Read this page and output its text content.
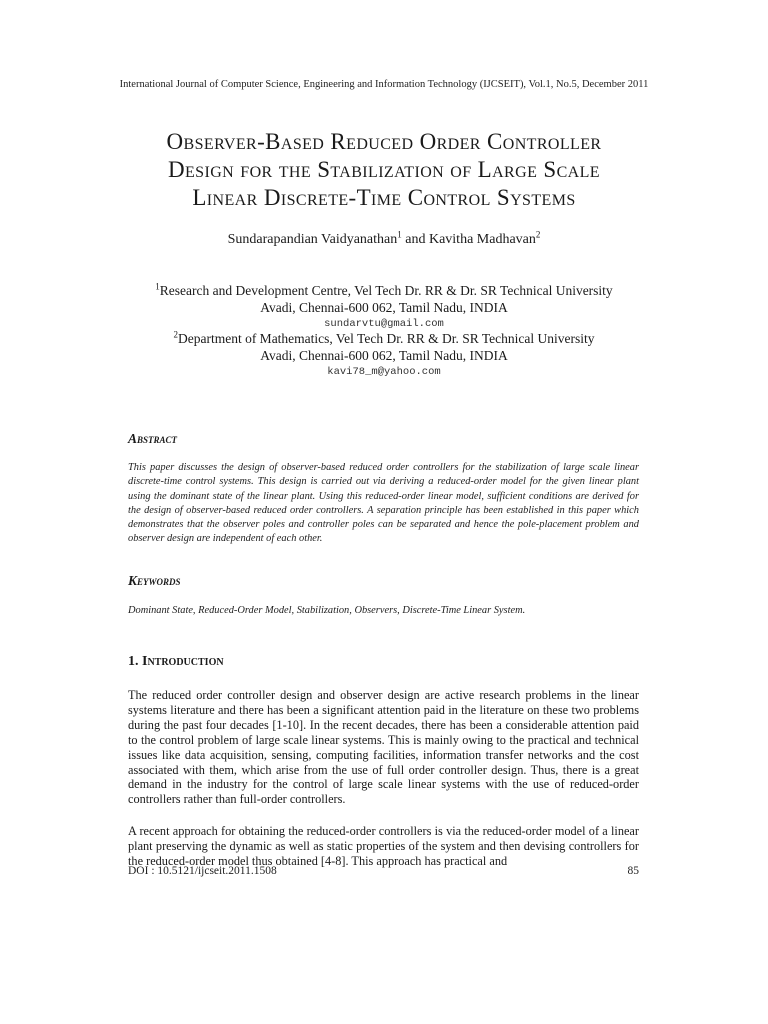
International Journal of Computer Science, Engineering and Information Technology (IJCSEIT), Vol.1, No.5, December 2011
Observer-Based Reduced Order Controller
Design for the Stabilization of Large Scale
Linear Discrete-Time Control Systems
Sundarapandian Vaidyanathan$^1$ and Kavitha Madhavan$^2$
$^1$Research and Development Centre, Vel Tech Dr. RR & Dr. SR Technical University
Avadi, Chennai-600 062, Tamil Nadu, INDIA
sundarvtu@gmail.com
$^2$Department of Mathematics, Vel Tech Dr. RR & Dr. SR Technical University
Avadi, Chennai-600 062, Tamil Nadu, INDIA
kavi78_m@yahoo.com
Abstract
This paper discusses the design of observer-based reduced order controllers for the stabilization of large scale linear discrete-time control systems. This design is carried out via deriving a reduced-order model for the given linear plant using the dominant state of the linear plant. Using this reduced-order linear model, sufficient conditions are derived for the design of observer-based reduced order controllers. A separation principle has been established in this paper which demonstrates that the observer poles and controller poles can be separated and hence the pole-placement problem and observer design are independent of each other.
Keywords
Dominant State, Reduced-Order Model, Stabilization, Observers, Discrete-Time Linear System.
1. Introduction
The reduced order controller design and observer design are active research problems in the linear systems literature and there has been a significant attention paid in the literature on these two problems during the past four decades [1-10]. In the recent decades, there has been a considerable attention paid to the control problem of large scale linear systems. This is mainly owing to the practical and technical issues like data acquisition, sensing, computing facilities, information transfer networks and the cost associated with them, which arise from the use of full order controller design. Thus, there is a great demand in the industry for the control of large scale linear systems with the use of reduced-order controllers rather than full-order controllers.
A recent approach for obtaining the reduced-order controllers is via the reduced-order model of a linear plant preserving the dynamic as well as static properties of the system and then devising controllers for the reduced-order model thus obtained [4-8]. This approach has practical and
DOI : 10.5121/ijcseit.2011.1508	85
